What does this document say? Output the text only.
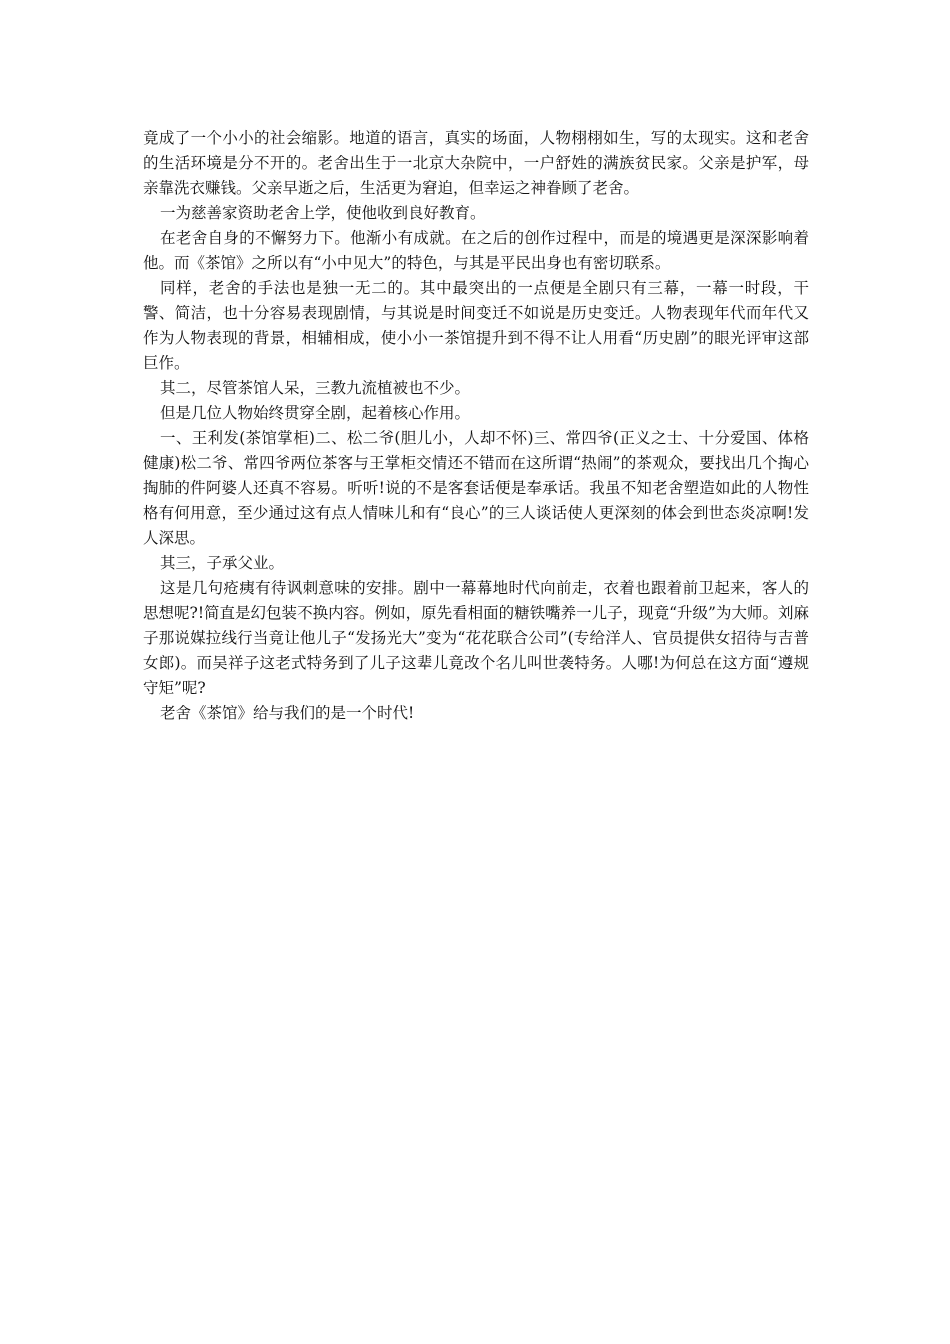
竟成了一个小小的社会缩影。地道的语言，真实的场面，人物栩栩如生，写的太现实。这和老舍的生活环境是分不开的。老舍出生于一北京大杂院中，一户舒姓的满族贫民家。父亲是护军，母亲靠洗衣赚钱。父亲早逝之后，生活更为窘迫，但幸运之神眷顾了老舍。

一为慈善家资助老舍上学，使他收到良好教育。

在老舍自身的不懈努力下。他渐小有成就。在之后的创作过程中，而是的境遇更是深深影响着他。而《茶馆》之所以有“小中见大”的特色，与其是平民出身也有密切联系。

同样，老舍的手法也是独一无二的。其中最突出的一点便是全剧只有三幕，一幕一时段，干警、简洁，也十分容易表现剧情，与其说是时间变迁不如说是历史变迁。人物表现年代而年代又作为人物表现的背景，相辅相成，使小小一茶馆提升到不得不让人用看“历史剧”的眼光评审这部巨作。

其二，尽管茶馆人呆，三教九流植被也不少。

但是几位人物始终贯穿全剧，起着核心作用。

一、王利发(茶馆掌柜)二、松二爷(胆儿小，人却不怀)三、常四爷(正义之士、十分爱国、体格健康)松二爷、常四爷两位茶客与王掌柜交情还不错而在这所谓“热闹”的茶观众，要找出几个掏心掏肺的件阿婆人还真不容易。听听!说的不是客套话便是奉承话。我虽不知老舍塑造如此的人物性格有何用意，至少通过这有点人情味儿和有“良心”的三人谈话使人更深刻的体会到世态炎凉啊!发人深思。

其三，子承父业。

这是几句疮痍有待讽刺意味的安排。剧中一幕幕地时代向前走，衣着也跟着前卫起来，客人的思想呢?!简直是幻包装不换内容。例如，原先看相面的糖铁嘴养一儿子，现竟“升级”为大师。刘麻子那说媒拉线行当竟让他儿子“发扬光大”变为“花花联合公司”(专给洋人、官员提供女招待与吉普女郎)。而吴祥子这老式特务到了儿子这辈儿竟改个名儿叫世袭特务。人哪!为何总在这方面“遵规守矩”呢?

老舍《茶馆》给与我们的是一个时代!
